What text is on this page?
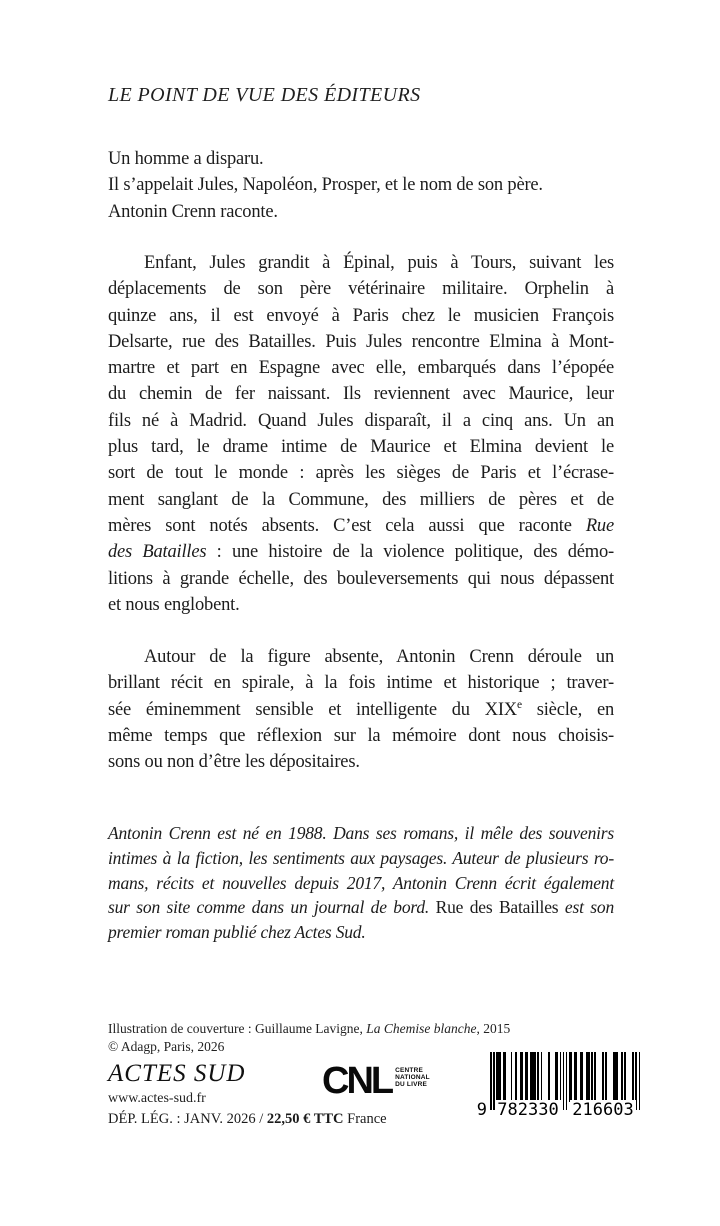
LE POINT DE VUE DES ÉDITEURS
Un homme a disparu.
Il s’appelait Jules, Napoléon, Prosper, et le nom de son père.
Antonin Crenn raconte.
Enfant, Jules grandit à Épinal, puis à Tours, suivant les
déplacements de son père vétérinaire militaire. Orphelin à
quinze ans, il est envoyé à Paris chez le musicien François
Delsarte, rue des Batailles. Puis Jules rencontre Elmina à Mont-
martre et part en Espagne avec elle, embarqués dans l’épopée
du chemin de fer naissant. Ils reviennent avec Maurice, leur
fils né à Madrid. Quand Jules disparaît, il a cinq ans. Un an
plus tard, le drame intime de Maurice et Elmina devient le
sort de tout le monde : après les sièges de Paris et l’écrase-
ment sanglant de la Commune, des milliers de pères et de
mères sont notés absents. C’est cela aussi que raconte Rue
des Batailles : une histoire de la violence politique, des démo-
litions à grande échelle, des bouleversements qui nous dépassent
et nous englobent.
Autour de la figure absente, Antonin Crenn déroule un
brillant récit en spirale, à la fois intime et historique ; traver-
sée éminemment sensible et intelligente du XIXe siècle, en
même temps que réflexion sur la mémoire dont nous choisis-
sons ou non d’être les dépositaires.
Antonin Crenn est né en 1988. Dans ses romans, il mêle des souvenirs
intimes à la fiction, les sentiments aux paysages. Auteur de plusieurs ro-
mans, récits et nouvelles depuis 2017, Antonin Crenn écrit également
sur son site comme dans un journal de bord. Rue des Batailles est son
premier roman publié chez Actes Sud.
Illustration de couverture : Guillaume Lavigne, La Chemise blanche, 2015
© Adagp, Paris, 2026
ACTES SUD
www.actes-sud.fr
DÉP. LÉG. : JANV. 2026 / 22,50 € TTC France
CNL CENTRE
NATIONAL
DU LIVRE
9 782330 216603
